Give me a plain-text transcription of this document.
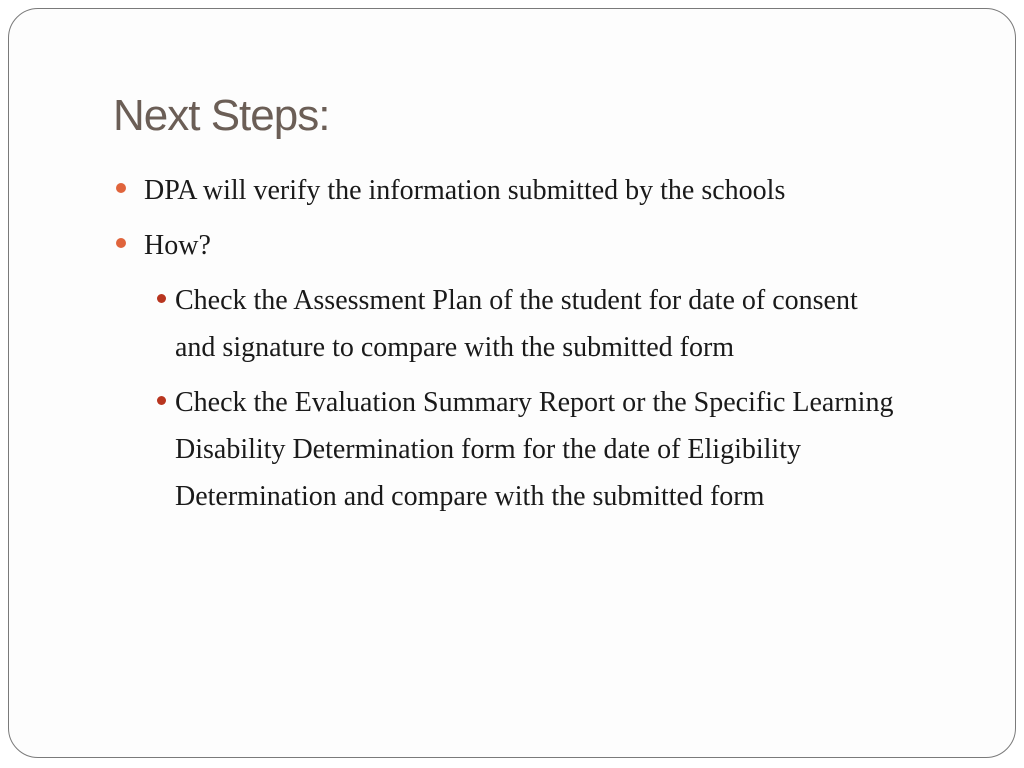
Next Steps:
DPA will verify the information submitted by the schools
How?
Check the Assessment Plan of the student for date of consent and signature to compare with the submitted form
Check the Evaluation Summary Report or the Specific Learning Disability Determination form for the date of Eligibility Determination and compare with the submitted form
